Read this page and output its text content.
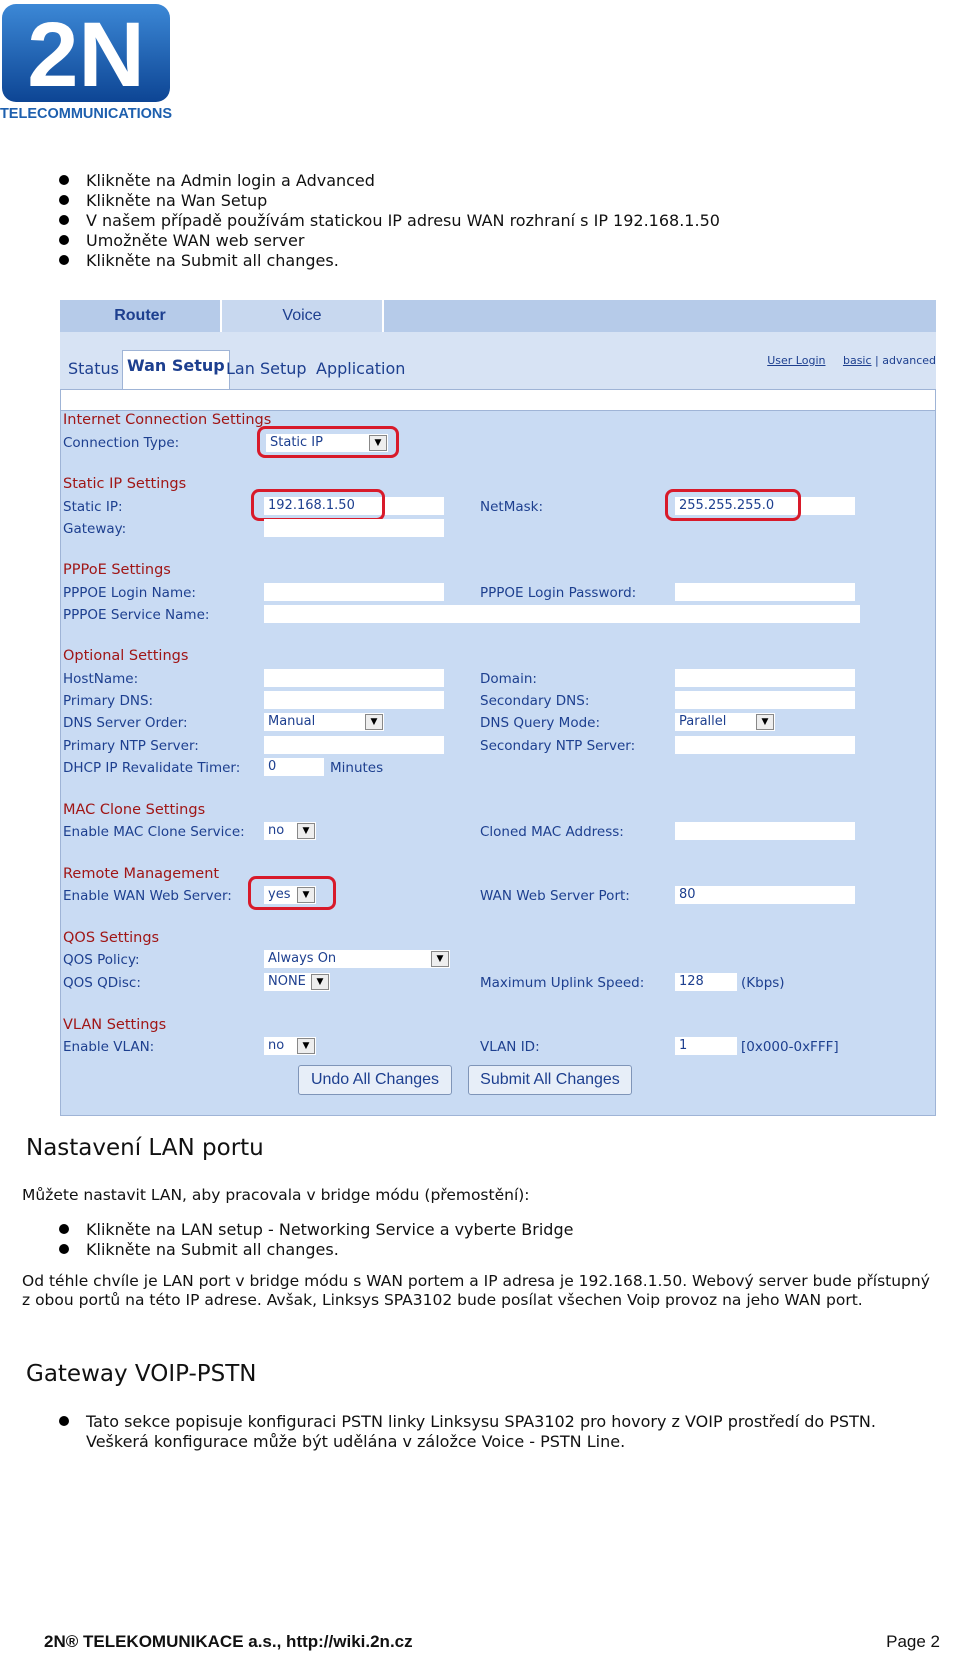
2N
TELECOMMUNICATIONS
Klikněte na Admin login a Advanced
Klikněte na Wan Setup
V našem případě používám statickou IP adresu WAN rozhraní s IP 192.168.1.50
Umožněte WAN web server
Klikněte na Submit all changes.
Router	Voice
Status Wan Setup Lan Setup Application	User Login basic | advanced
Internet Connection Settings
Connection Type:	Static IP	▼
Static IP Settings
Static IP:	192.168.1.50	NetMask:	255.255.255.0
Gateway:
PPPoE Settings
PPPOE Login Name:	PPPOE Login Password:
PPPOE Service Name:
Optional Settings
HostName:	Domain:
Primary DNS:	Secondary DNS:
DNS Server Order:	Manual	▼	DNS Query Mode:	Parallel	▼
Primary NTP Server:	Secondary NTP Server:
DHCP IP Revalidate Timer:	0	Minutes
MAC Clone Settings
Enable MAC Clone Service:	no	▼	Cloned MAC Address:
Remote Management
Enable WAN Web Server:	yes	▼	WAN Web Server Port:	80
QOS Settings
QOS Policy:	Always On	▼
QOS QDisc:	NONE	▼	Maximum Uplink Speed:	128	(Kbps)
VLAN Settings
Enable VLAN:	no	▼	VLAN ID:	1	[0x000-0xFFF]
Undo All Changes	Submit All Changes
Nastavení LAN portu
Můžete nastavit LAN, aby pracovala v bridge módu (přemostění):
Klikněte na LAN setup - Networking Service a vyberte Bridge
Klikněte na Submit all changes.
Od téhle chvíle je LAN port v bridge módu s WAN portem a IP adresa je 192.168.1.50. Webový server bude přístupný z obou portů na této IP adrese. Avšak, Linksys SPA3102 bude posílat všechen Voip provoz na jeho WAN port.
Gateway VOIP-PSTN
Tato sekce popisuje konfiguraci PSTN linky Linksysu SPA3102 pro hovory z VOIP prostředí do PSTN. Veškerá konfigurace může být udělána v záložce Voice - PSTN Line.
2N® TELEKOMUNIKACE a.s., http://wiki.2n.cz	Page 2
